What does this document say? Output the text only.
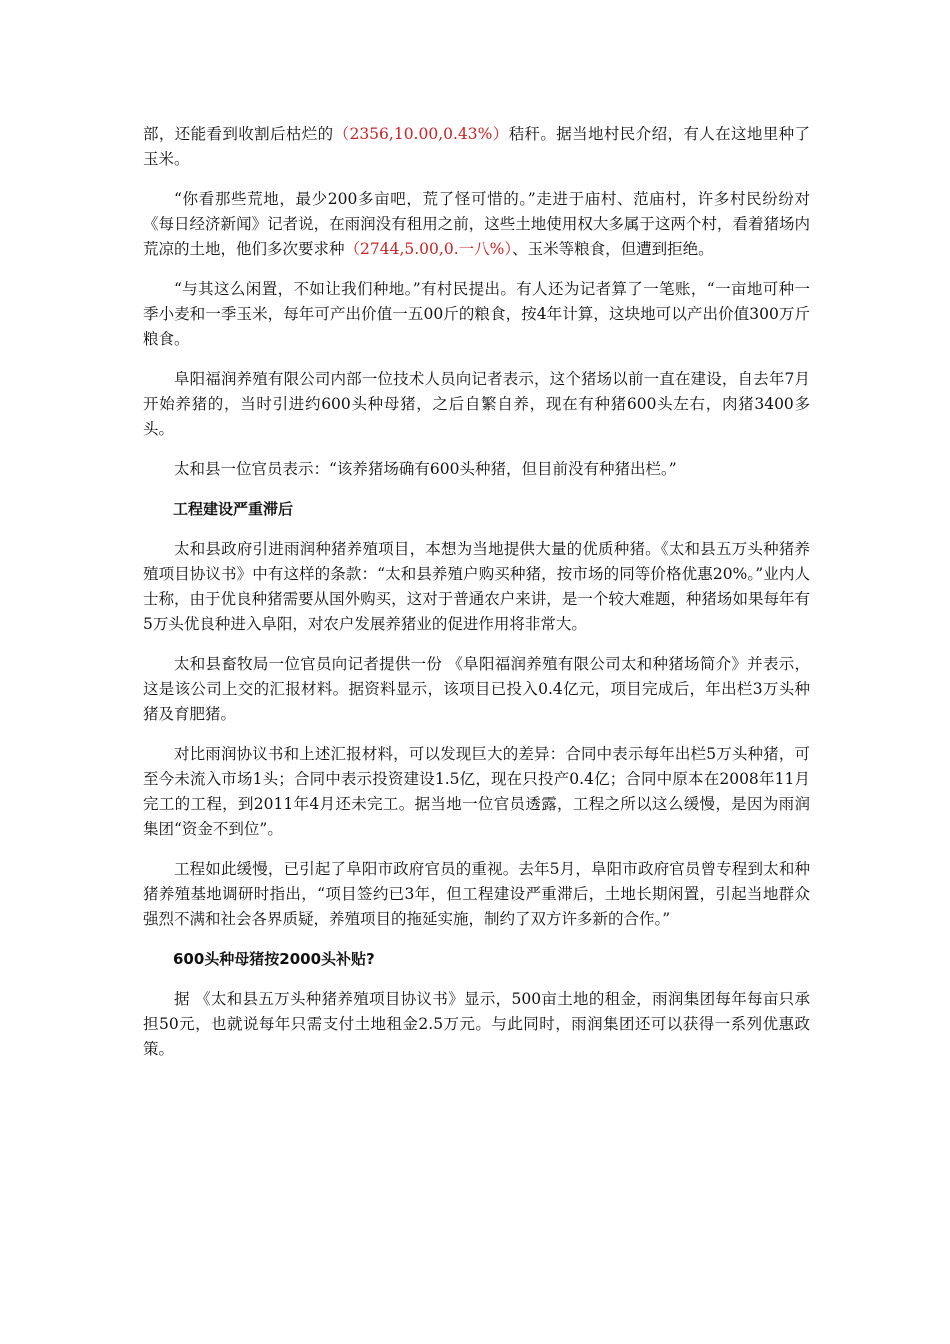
部，还能看到收割后枯烂的（2356,10.00,0.43%）秸秆。据当地村民介绍，有人在这地里种了玉米。

“你看那些荒地，最少200多亩吧，荒了怪可惜的。”走进于庙村、范庙村，许多村民纷纷对《每日经济新闻》记者说，在雨润没有租用之前，这些土地使用权大多属于这两个村，看着猪场内荒凉的土地，他们多次要求种（2744,5.00,0.一八%）、玉米等粮食，但遭到拒绝。

“与其这么闲置，不如让我们种地。”有村民提出。有人还为记者算了一笔账，“一亩地可种一季小麦和一季玉米，每年可产出价值一五00斤的粮食，按4年计算，这块地可以产出价值300万斤粮食。

阜阳福润养殖有限公司内部一位技术人员向记者表示，这个猪场以前一直在建设，自去年7月开始养猪的，当时引进约600头种母猪，之后自繁自养，现在有种猪600头左右，肉猪3400多头。

太和县一位官员表示：“该养猪场确有600头种猪，但目前没有种猪出栏。”

工程建设严重滞后

太和县政府引进雨润种猪养殖项目，本想为当地提供大量的优质种猪。《太和县五万头种猪养殖项目协议书》中有这样的条款：“太和县养殖户购买种猪，按市场的同等价格优惠20%。”业内人士称，由于优良种猪需要从国外购买，这对于普通农户来讲，是一个较大难题，种猪场如果每年有5万头优良种进入阜阳，对农户发展养猪业的促进作用将非常大。

太和县畜牧局一位官员向记者提供一份 《阜阳福润养殖有限公司太和种猪场简介》并表示，这是该公司上交的汇报材料。据资料显示，该项目已投入0.4亿元，项目完成后，年出栏3万头种猪及育肥猪。

对比雨润协议书和上述汇报材料，可以发现巨大的差异：合同中表示每年出栏5万头种猪，可至今未流入市场1头；合同中表示投资建设1.5亿，现在只投产0.4亿；合同中原本在2008年11月完工的工程，到2011年4月还未完工。据当地一位官员透露，工程之所以这么缓慢，是因为雨润集团“资金不到位”。

工程如此缓慢，已引起了阜阳市政府官员的重视。去年5月，阜阳市政府官员曾专程到太和种猪养殖基地调研时指出，“项目签约已3年，但工程建设严重滞后，土地长期闲置，引起当地群众强烈不满和社会各界质疑，养殖项目的拖延实施，制约了双方许多新的合作。”

600头种母猪按2000头补贴?

据 《太和县五万头种猪养殖项目协议书》显示，500亩土地的租金，雨润集团每年每亩只承担50元，也就说每年只需支付土地租金2.5万元。与此同时，雨润集团还可以获得一系列优惠政策。
